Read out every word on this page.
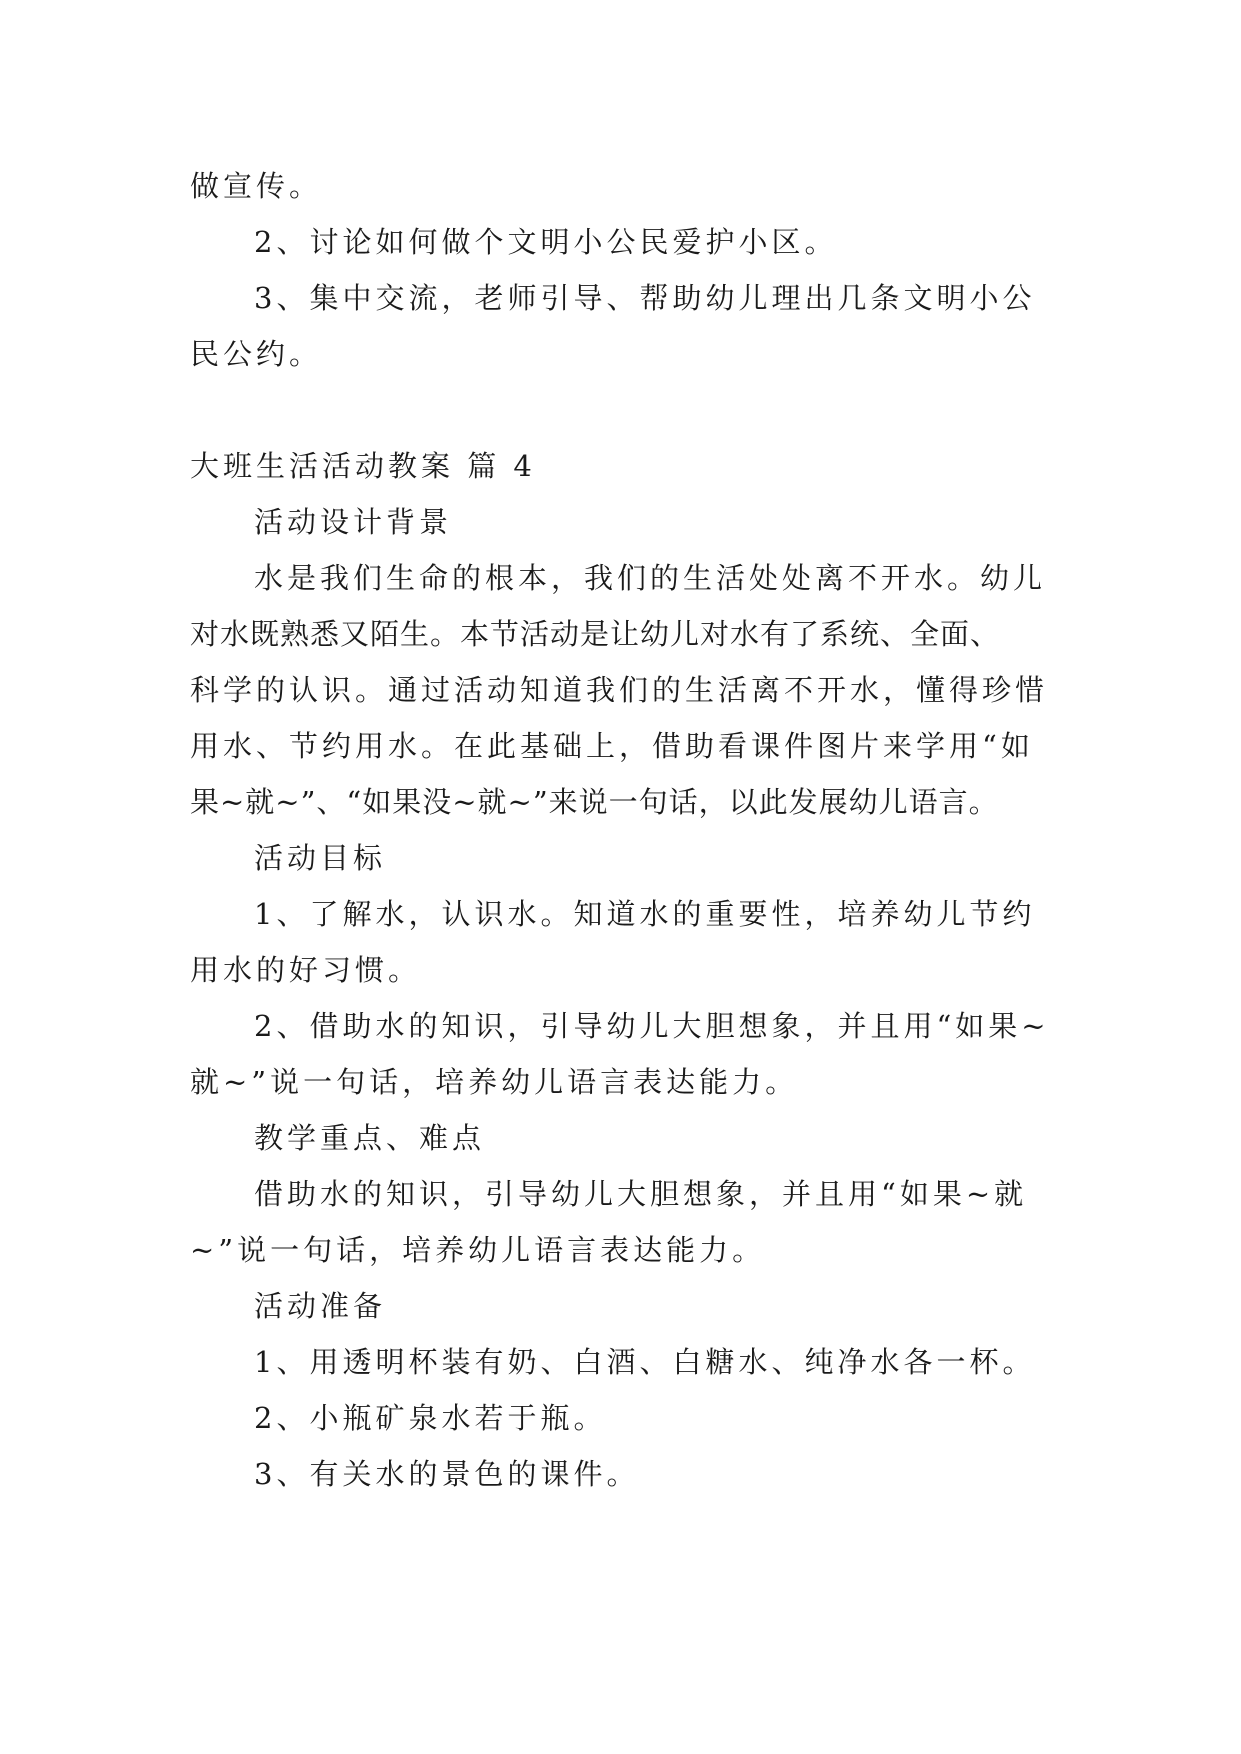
做宣传。
2、讨论如何做个文明小公民爱护小区。
3、集中交流，老师引导、帮助幼儿理出几条文明小公
民公约。
大班生活活动教案 篇 4
活动设计背景
水是我们生命的根本，我们的生活处处离不开水。幼儿
对水既熟悉又陌生。本节活动是让幼儿对水有了系统、全面、
科学的认识。通过活动知道我们的生活离不开水，懂得珍惜
用水、节约用水。在此基础上，借助看课件图片来学用“如
果~就~”、“如果没~就~”来说一句话，以此发展幼儿语言。
活动目标
1、了解水，认识水。知道水的重要性，培养幼儿节约
用水的好习惯。
2、借助水的知识，引导幼儿大胆想象，并且用“如果~
就~”说一句话，培养幼儿语言表达能力。
教学重点、难点
借助水的知识，引导幼儿大胆想象，并且用“如果~就
~”说一句话，培养幼儿语言表达能力。
活动准备
1、用透明杯装有奶、白酒、白糖水、纯净水各一杯。
2、小瓶矿泉水若于瓶。
3、有关水的景色的课件。
